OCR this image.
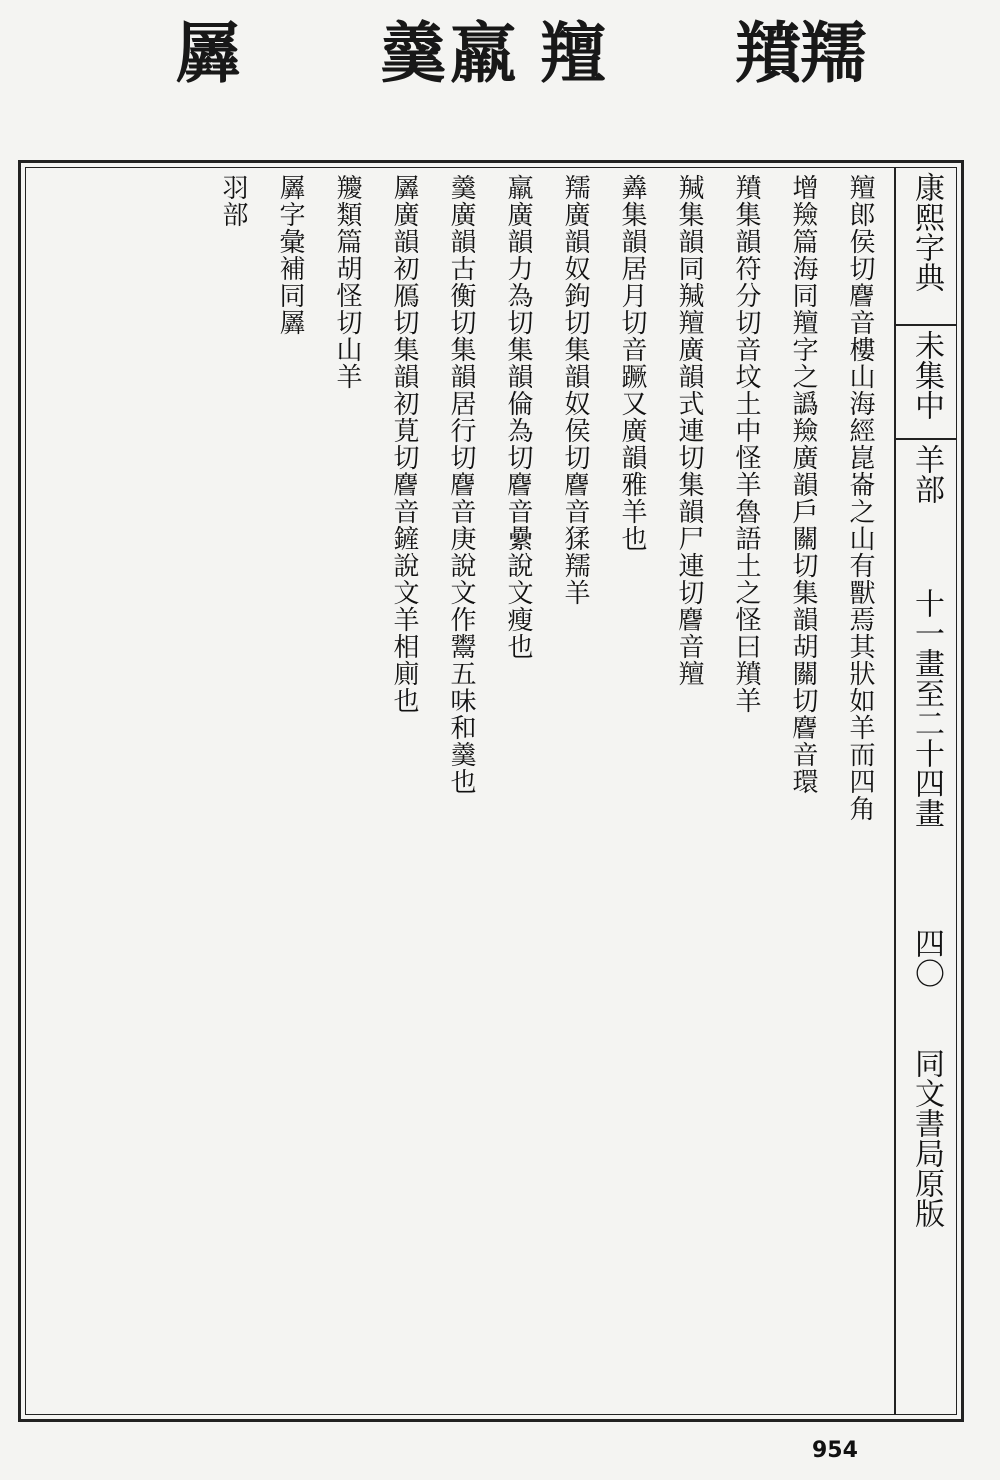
羼 羹 羸 羶 羵 羺
康熙字典
未集中
羊部
十一畫至二十四畫
四〇
同文書局原版
羶郎侯切𪊨音樓山海經崑崙之山有獸焉其狀如羊而四角
增羷篇海同羶字之譌羷廣韻戶關切集韻胡關切𪊨音環
羵集韻符分切音坟土中怪羊魯語土之怪曰羵羊
羬集韻同羬羶廣韻式連切集韻尸連切𪊨音羶
羴集韻居月切音蹶又廣韻雅羊也
羺廣韻奴鉤切集韻奴侯切𪊨音猱羺羊
羸廣韻力為切集韻倫為切𪊨音纍說文瘦也
羹廣韻古衡切集韻居行切𪊨音庚說文作鬻五味和羹也
羼廣韻初鴈切集韻初莧切𪊨音鏟說文羊相廁也
羻類篇胡怪切山羊
羼字彙補同羼
羽部
954
